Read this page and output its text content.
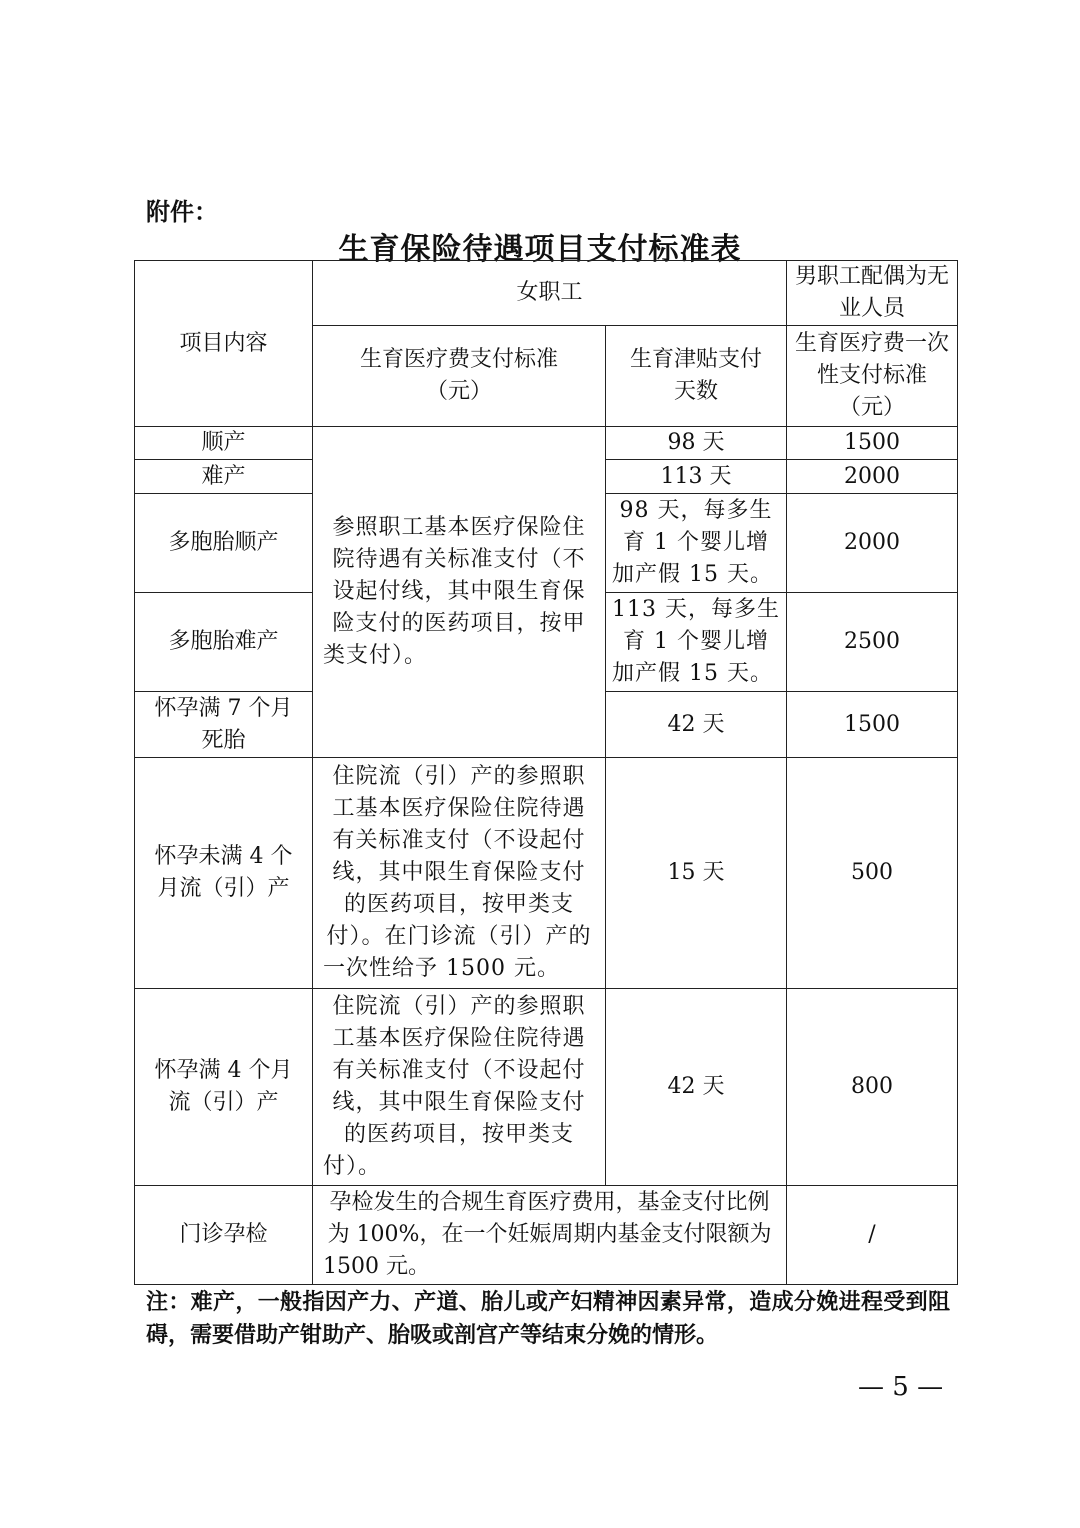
附件：
生育保险待遇项目支付标准表
项目内容	女职工		男职工配偶为无业人员
	生育医疗费支付标准（元）	生育津贴支付天数	生育医疗费一次性支付标准（元）
顺产	参照职工基本医疗保险住院待遇有关标准支付（不设起付线，其中限生育保险支付的医药项目，按甲类支付）。	98 天	1500
难产		113 天	2000
多胞胎顺产		98 天，每多生育 1 个婴儿增加产假 15 天。	2000
多胞胎难产		113 天，每多生育 1 个婴儿增加产假 15 天。	2500
怀孕满 7 个月死胎		42 天	1500
怀孕未满 4 个月流（引）产	住院流（引）产的参照职工基本医疗保险住院待遇有关标准支付（不设起付线，其中限生育保险支付的医药项目，按甲类支付）。在门诊流（引）产的一次性给予 1500 元。	15 天	500
怀孕满 4 个月流（引）产	住院流（引）产的参照职工基本医疗保险住院待遇有关标准支付（不设起付线，其中限生育保险支付的医药项目，按甲类支付）。	42 天	800
门诊孕检	孕检发生的合规生育医疗费用，基金支付比例为 100%，在一个妊娠周期内基金支付限额为 1500 元。		/
注：难产，一般指因产力、产道、胎儿或产妇精神因素异常，造成分娩进程受到阻碍，需要借助产钳助产、胎吸或剖宫产等结束分娩的情形。
— 5 —
